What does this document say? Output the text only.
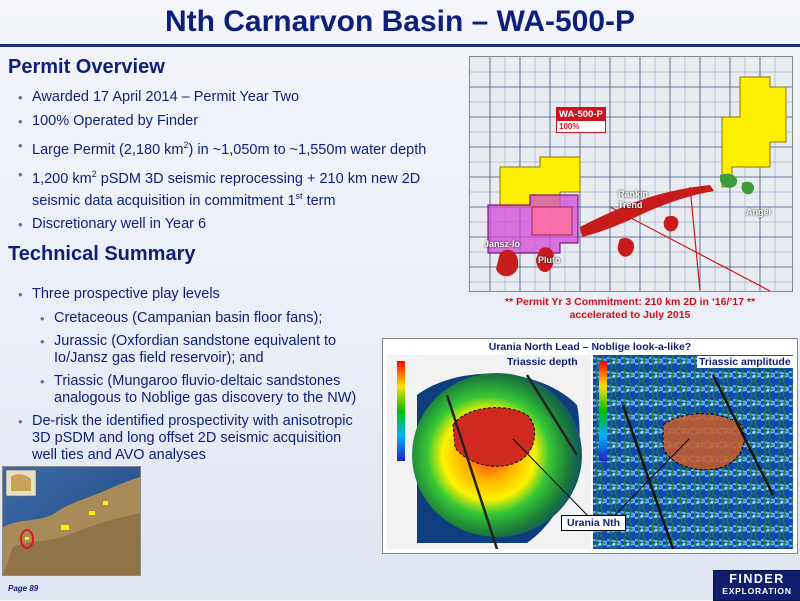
Nth Carnarvon Basin – WA-500-P
Permit Overview
• Awarded 17 April 2014 – Permit Year Two
• 100% Operated by Finder
• Large Permit (2,180 $km^2$) in ~1,050m to ~1,550m water depth
• 1,200 $km^2$ pSDM 3D seismic reprocessing + 210 km new 2D
seismic data acquisition in commitment 1st term
• Discretionary well in Year 6
Technical Summary
• Three prospective play levels
• Cretaceous (Campanian basin floor fans);
• Jurassic (Oxfordian sandstone equivalent to
Io/Jansz gas field reservoir); and
• Triassic (Mungaroo fluvio-deltaic sandstones
analogous to Noblige gas discovery to the NW)
• De-risk the identified prospectivity with anisotropic
3D pSDM and long offset 2D seismic acquisition
well ties and AVO analyses
WA-500-P
100%
Rankin
Trend
Angel
Jansz-Io
Pluto
** Permit Yr 3 Commitment: 210 km 2D in ‘16/’17 **
accelerated to July 2015
Urania North Lead – Noblige look-a-like?
Triassic depth	Triassic amplitude
Urania Nth
Page 89
FINDER
EXPLORATION
